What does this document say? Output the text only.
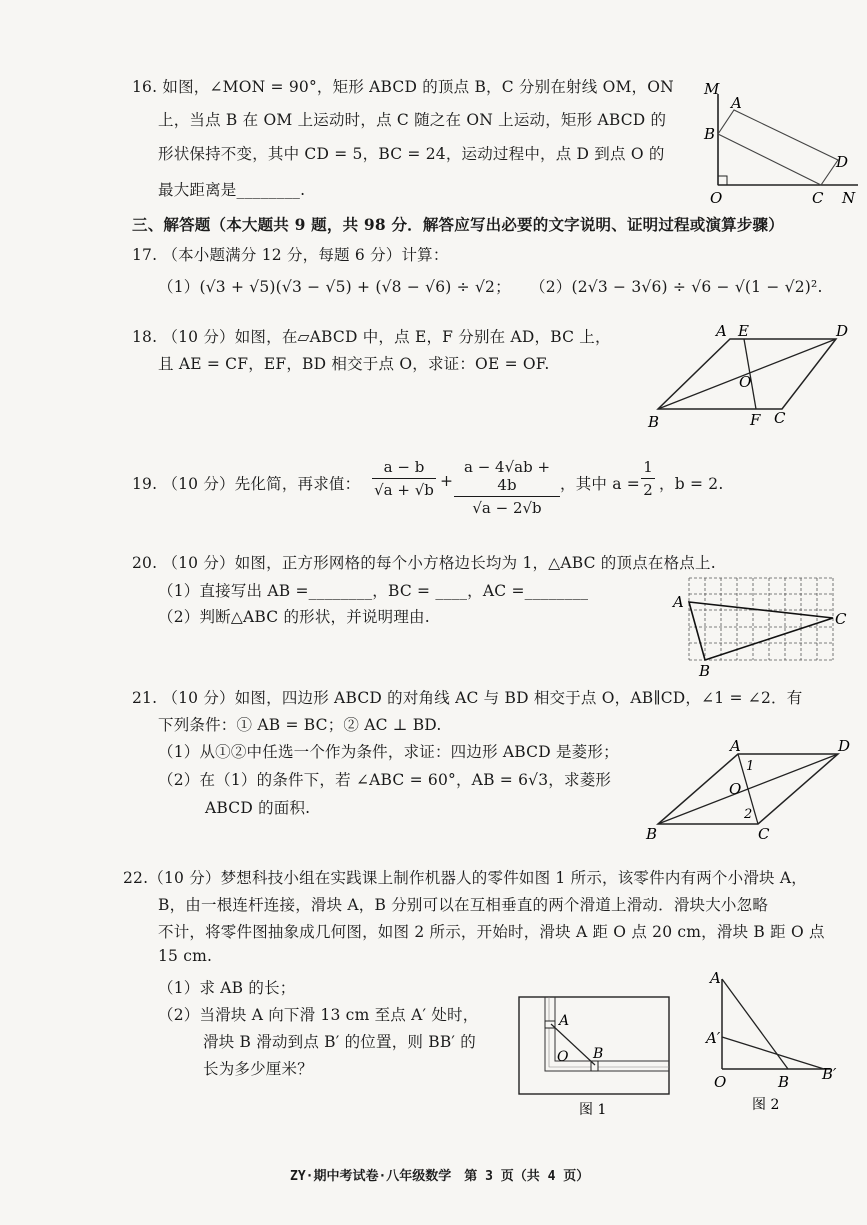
16. 如图，∠MON = 90°，矩形 ABCD 的顶点 B，C 分别在射线 OM，ON
上，当点 B 在 OM 上运动时，点 C 随之在 ON 上运动，矩形 ABCD 的
形状保持不变，其中 CD = 5，BC = 24，运动过程中，点 D 到点 O 的
最大距离是________.
M
A
B
D
O	C N
三、解答题（本大题共 9 题，共 98 分．解答应写出必要的文字说明、证明过程或演算步骤）
17. （本小题满分 12 分，每题 6 分）计算：
（1）(√3 + √5)(√3 − √5) + (√8 − √6) ÷ √2； （2）(2√3 − 3√6) ÷ √6 − √(1 − √2)².
18. （10 分）如图，在▱ABCD 中，点 E，F 分别在 AD，BC 上，
且 AE = CF，EF，BD 相交于点 O，求证：OE = OF.
A E	D
O
B	F C
19. （10 分）先化简，再求值： $\frac{a - b}{√a + √b} + \frac{a - 4√ab + 4b}{√a - 2√b}$ ，其中 $a = \frac{1}{2}$ ，b = 2.
20. （10 分）如图，正方形网格的每个小方格边长均为 1，△ABC 的顶点在格点上.
（1）直接写出 AB =________，BC = ____，AC =________
（2）判断△ABC 的形状，并说明理由.
A
C
B
21. （10 分）如图，四边形 ABCD 的对角线 AC 与 BD 相交于点 O，AB∥CD，∠1 = ∠2．有
下列条件：① AB = BC；② AC ⊥ BD.
（1）从①②中任选一个作为条件，求证：四边形 ABCD 是菱形；
（2）在（1）的条件下，若 ∠ABC = 60°，AB = 6√3，求菱形
ABCD 的面积.
A	D
1
O
2
B	C
22.（10 分）梦想科技小组在实践课上制作机器人的零件如图 1 所示，该零件内有两个小滑块 A，
B，由一根连杆连接，滑块 A，B 分别可以在互相垂直的两个滑道上滑动．滑块大小忽略
不计，将零件图抽象成几何图，如图 2 所示，开始时，滑块 A 距 O 点 20 cm，滑块 B 距 O 点
15 cm.
（1）求 AB 的长；
（2）当滑块 A 向下滑 13 cm 至点 A′ 处时，
滑块 B 滑动到点 B′ 的位置，则 BB′ 的
长为多少厘米？
A
O B
图 1
A
A′
O	B B′
图 2
ZY·期中考试卷·八年级数学　第 3 页（共 4 页）
